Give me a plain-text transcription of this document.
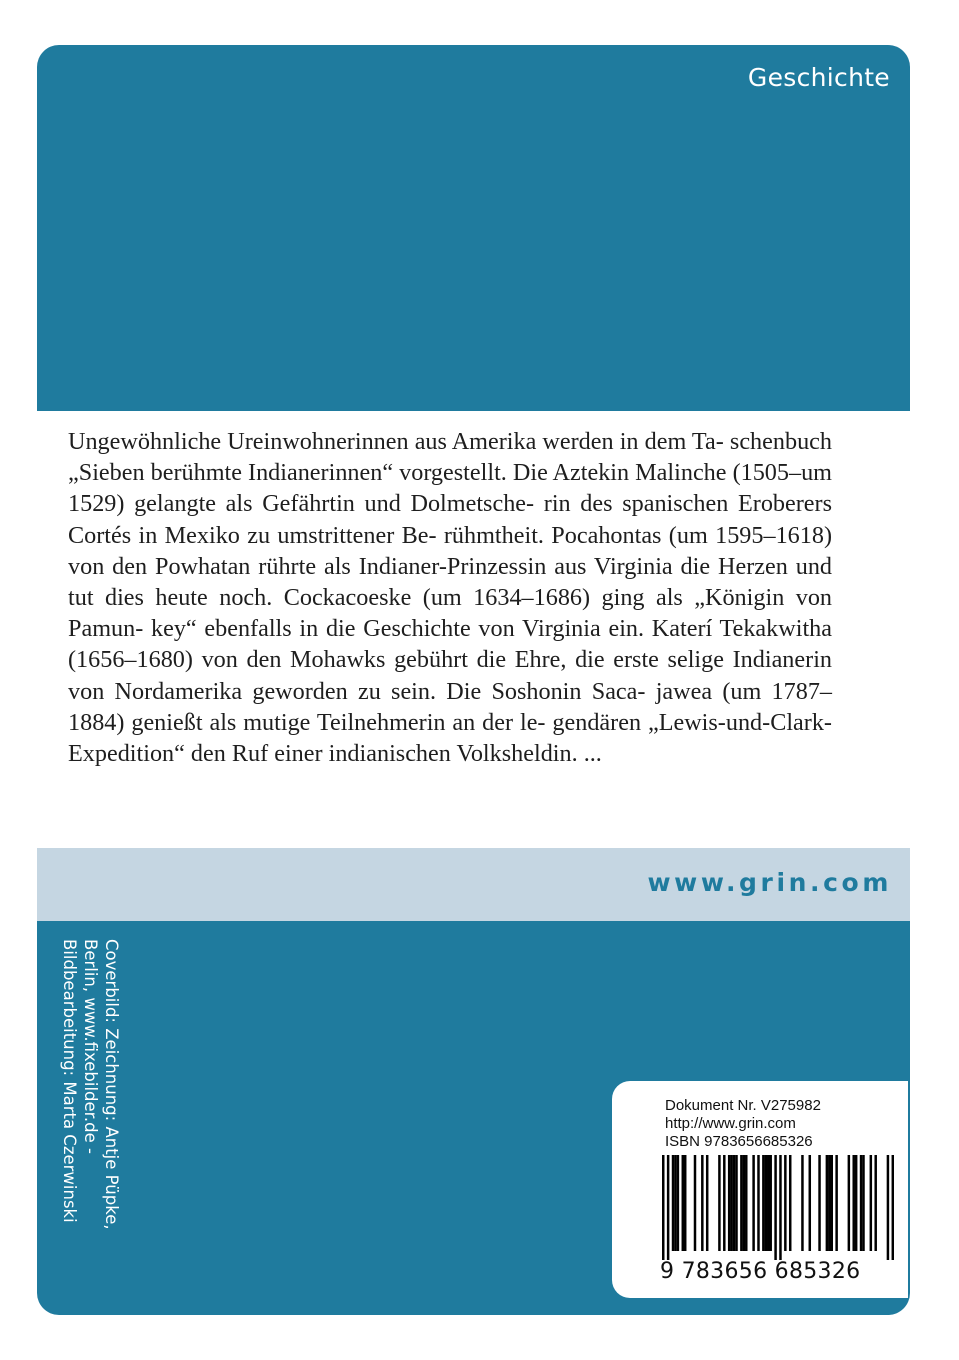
Geschichte

Ungewöhnliche Ureinwohnerinnen aus Amerika werden in dem Ta- schenbuch „Sieben berühmte Indianerinnen“ vorgestellt. Die Aztekin Malinche (1505–um 1529) gelangte als Gefährtin und Dolmetsche- rin des spanischen Eroberers Cortés in Mexiko zu umstrittener Be- rühmtheit. Pocahontas (um 1595–1618) von den Powhatan rührte als Indianer-Prinzessin aus Virginia die Herzen und tut dies heute noch. Cockacoeske (um 1634–1686) ging als „Königin von Pamun- key“ ebenfalls in die Geschichte von Virginia ein. Katerí Tekakwitha (1656–1680) von den Mohawks gebührt die Ehre, die erste selige Indianerin von Nordamerika geworden zu sein. Die Soshonin Saca- jawea (um 1787–1884) genießt als mutige Teilnehmerin an der le- gendären „Lewis-und-Clark-Expedition“ den Ruf einer indianischen Volksheldin. ...

www.grin.com
Coverbild: Zeichnung: Antje Püpke,
Berlin, www.fixebilder.de -
Bildbearbeitung: Marta Czerwinski	Dokument Nr. V275982
http://www.grin.com
ISBN 9783656685326
9 783656 685326
